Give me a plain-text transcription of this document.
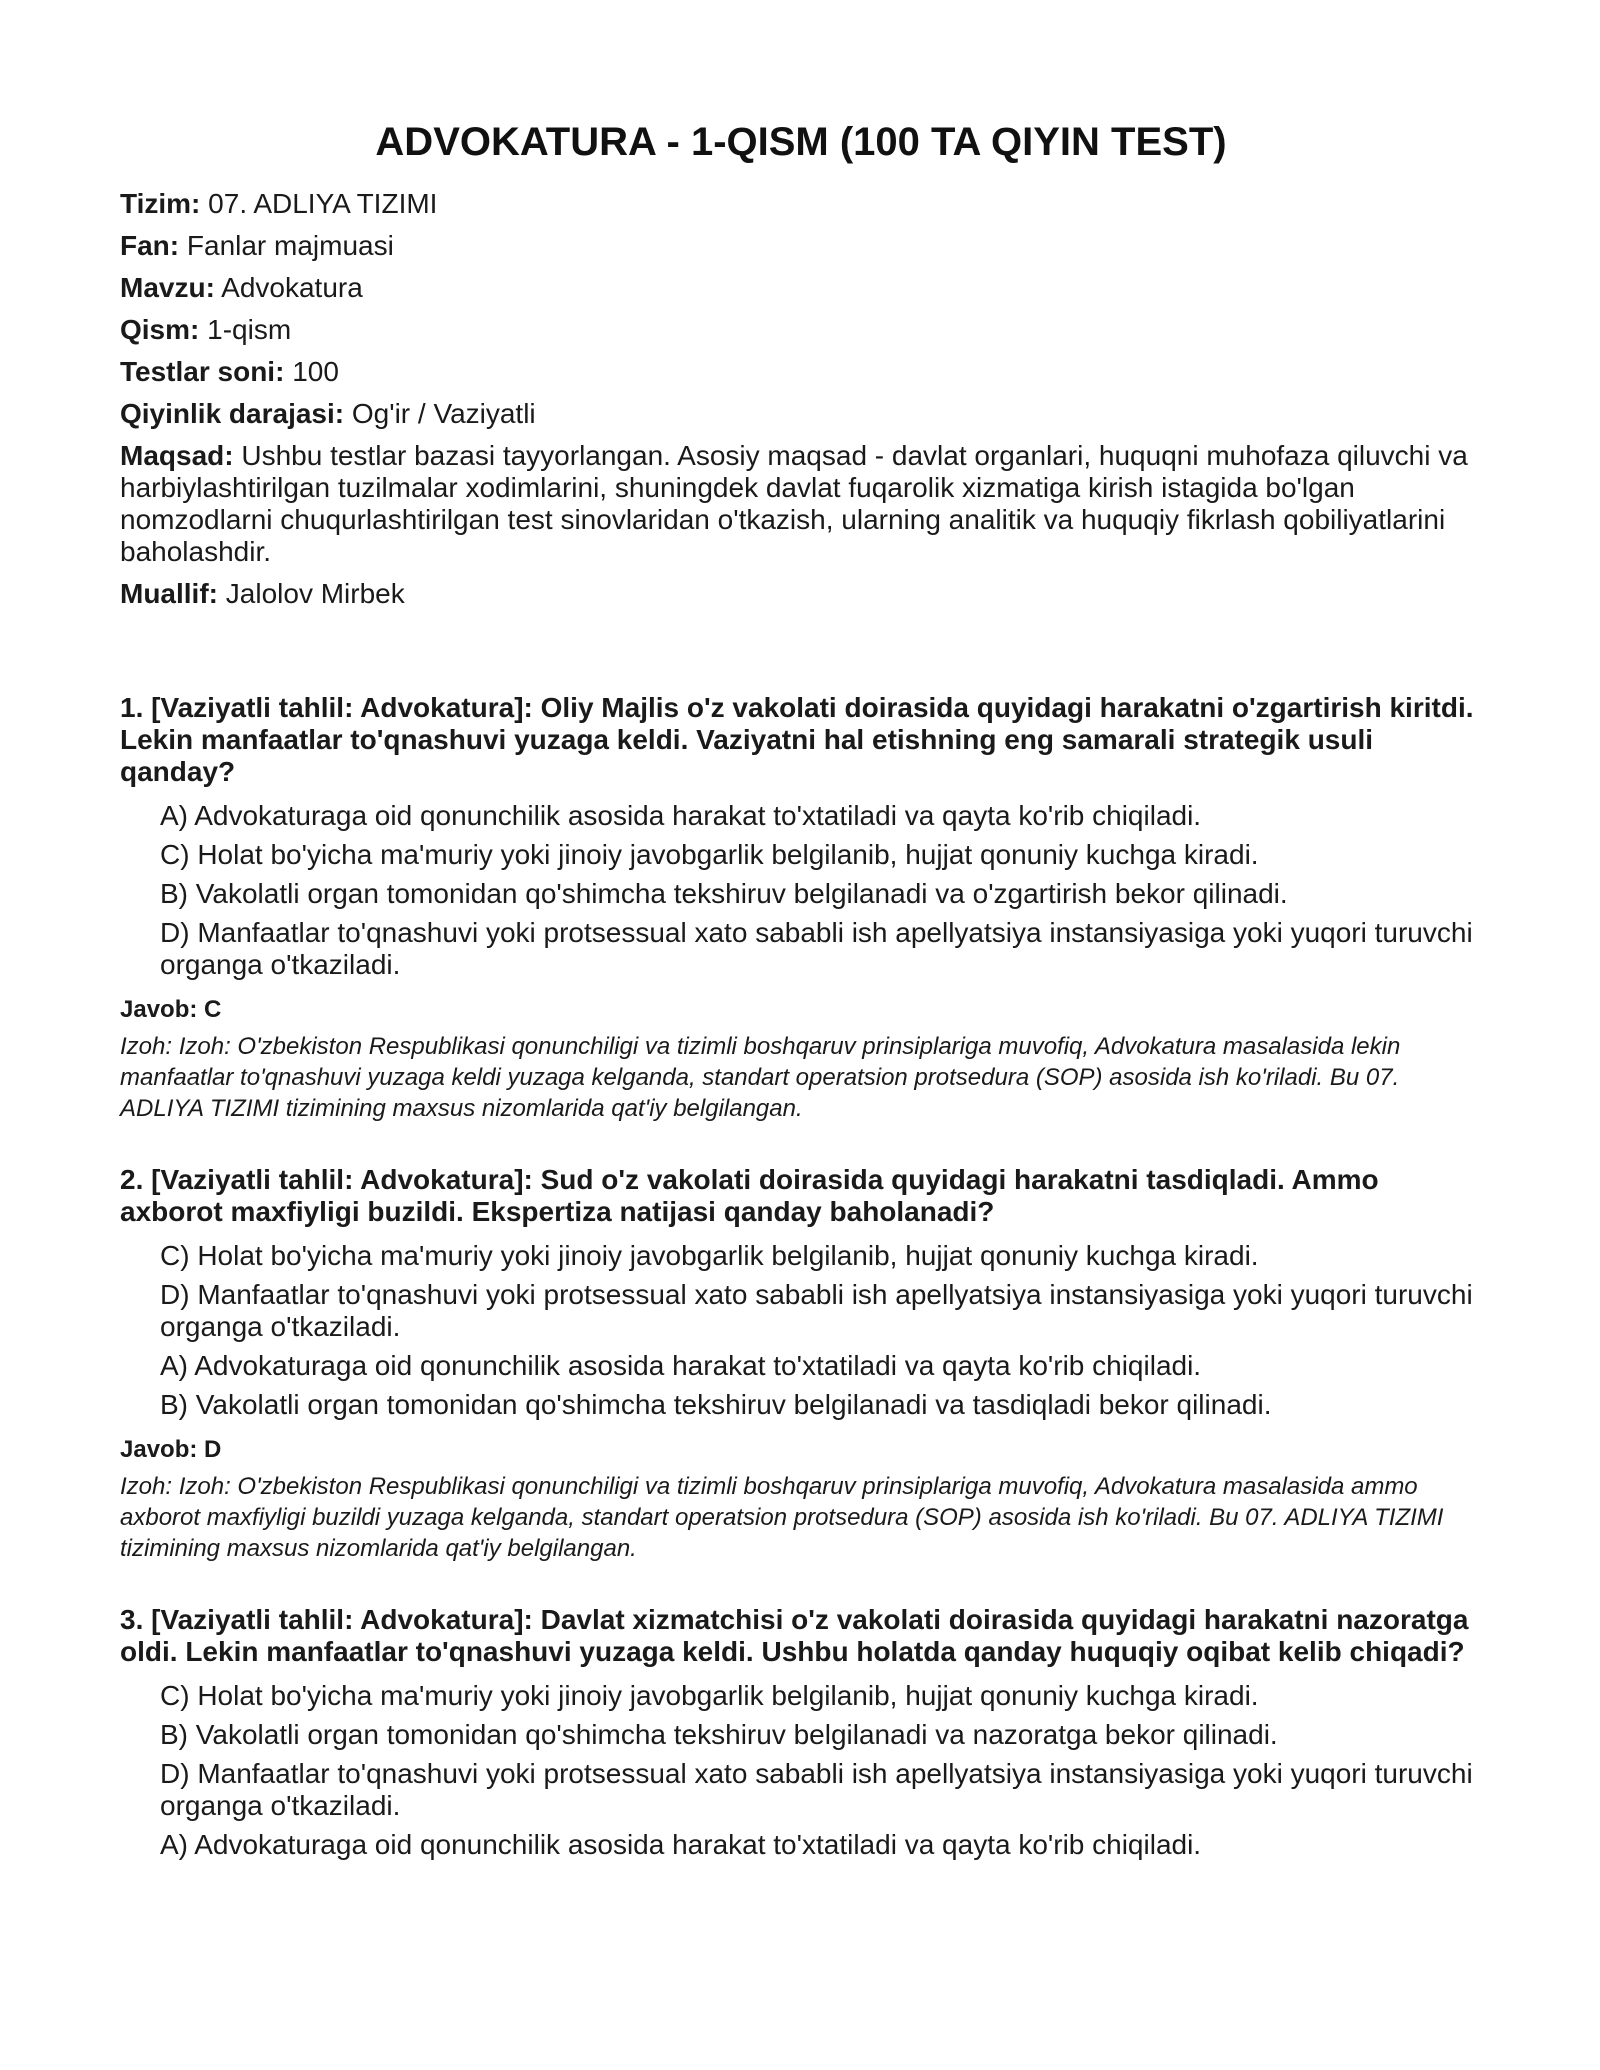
ADVOKATURA - 1-QISM (100 TA QIYIN TEST)
Tizim: 07. ADLIYA TIZIMI
Fan: Fanlar majmuasi
Mavzu: Advokatura
Qism: 1-qism
Testlar soni: 100
Qiyinlik darajasi: Og'ir / Vaziyatli
Maqsad: Ushbu testlar bazasi tayyorlangan. Asosiy maqsad - davlat organlari, huquqni muhofaza qiluvchi va harbiylashtirilgan tuzilmalar xodimlarini, shuningdek davlat fuqarolik xizmatiga kirish istagida bo'lgan nomzodlarni chuqurlashtirilgan test sinovlaridan o'tkazish, ularning analitik va huquqiy fikrlash qobiliyatlarini baholashdir.
Muallif: Jalolov Mirbek
1. [Vaziyatli tahlil: Advokatura]: Oliy Majlis o'z vakolati doirasida quyidagi harakatni o'zgartirish kiritdi. Lekin manfaatlar to'qnashuvi yuzaga keldi. Vaziyatni hal etishning eng samarali strategik usuli qanday?
A) Advokaturaga oid qonunchilik asosida harakat to'xtatiladi va qayta ko'rib chiqiladi.
C) Holat bo'yicha ma'muriy yoki jinoiy javobgarlik belgilanib, hujjat qonuniy kuchga kiradi.
B) Vakolatli organ tomonidan qo'shimcha tekshiruv belgilanadi va o'zgartirish bekor qilinadi.
D) Manfaatlar to'qnashuvi yoki protsessual xato sababli ish apellyatsiya instansiyasiga yoki yuqori turuvchi organga o'tkaziladi.
Javob: C
Izoh: Izoh: O'zbekiston Respublikasi qonunchiligi va tizimli boshqaruv prinsiplariga muvofiq, Advokatura masalasida lekin manfaatlar to'qnashuvi yuzaga keldi yuzaga kelganda, standart operatsion protsedura (SOP) asosida ish ko'riladi. Bu 07. ADLIYA TIZIMI tizimining maxsus nizomlarida qat'iy belgilangan.
2. [Vaziyatli tahlil: Advokatura]: Sud o'z vakolati doirasida quyidagi harakatni tasdiqladi. Ammo axborot maxfiyligi buzildi. Ekspertiza natijasi qanday baholanadi?
C) Holat bo'yicha ma'muriy yoki jinoiy javobgarlik belgilanib, hujjat qonuniy kuchga kiradi.
D) Manfaatlar to'qnashuvi yoki protsessual xato sababli ish apellyatsiya instansiyasiga yoki yuqori turuvchi organga o'tkaziladi.
A) Advokaturaga oid qonunchilik asosida harakat to'xtatiladi va qayta ko'rib chiqiladi.
B) Vakolatli organ tomonidan qo'shimcha tekshiruv belgilanadi va tasdiqladi bekor qilinadi.
Javob: D
Izoh: Izoh: O'zbekiston Respublikasi qonunchiligi va tizimli boshqaruv prinsiplariga muvofiq, Advokatura masalasida ammo axborot maxfiyligi buzildi yuzaga kelganda, standart operatsion protsedura (SOP) asosida ish ko'riladi. Bu 07. ADLIYA TIZIMI tizimining maxsus nizomlarida qat'iy belgilangan.
3. [Vaziyatli tahlil: Advokatura]: Davlat xizmatchisi o'z vakolati doirasida quyidagi harakatni nazoratga oldi. Lekin manfaatlar to'qnashuvi yuzaga keldi. Ushbu holatda qanday huquqiy oqibat kelib chiqadi?
C) Holat bo'yicha ma'muriy yoki jinoiy javobgarlik belgilanib, hujjat qonuniy kuchga kiradi.
B) Vakolatli organ tomonidan qo'shimcha tekshiruv belgilanadi va nazoratga bekor qilinadi.
D) Manfaatlar to'qnashuvi yoki protsessual xato sababli ish apellyatsiya instansiyasiga yoki yuqori turuvchi organga o'tkaziladi.
A) Advokaturaga oid qonunchilik asosida harakat to'xtatiladi va qayta ko'rib chiqiladi.
